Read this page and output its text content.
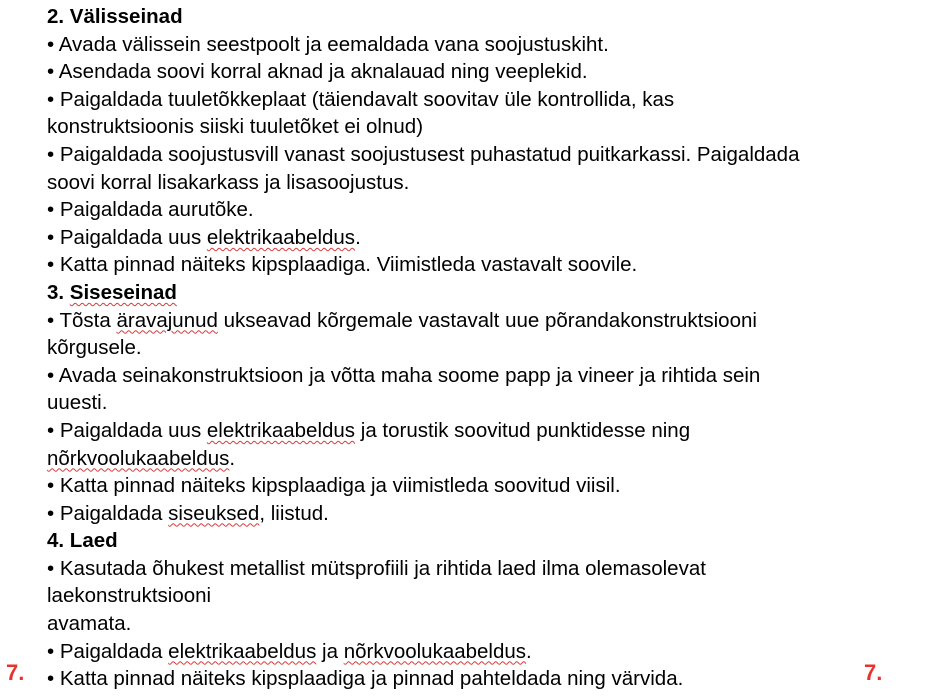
2. Välisseinad
• Avada välissein seestpoolt ja eemaldada vana soojustuskiht.
• Asendada soovi korral aknad ja aknalauad ning veeplekid.
• Paigaldada tuuletõkkeplaat (täiendavalt soovitav üle kontrollida, kas
konstruktsioonis siiski tuuletõket ei olnud)
• Paigaldada soojustusvill vanast soojustusest puhastatud puitkarkassi. Paigaldada
soovi korral lisakarkass ja lisasoojustus.
• Paigaldada aurutõke.
• Paigaldada uus elektrikaabeldus.
• Katta pinnad näiteks kipsplaadiga. Viimistleda vastavalt soovile.
3. Siseseinad
• Tõsta äravajunud ukseavad kõrgemale vastavalt uue põrandakonstruktsiooni
kõrgusele.
• Avada seinakonstruktsioon ja võtta maha soome papp ja vineer ja rihtida sein
uuesti.
• Paigaldada uus elektrikaabeldus ja torustik soovitud punktidesse ning
nõrkvoolukaabeldus.
• Katta pinnad näiteks kipsplaadiga ja viimistleda soovitud viisil.
• Paigaldada siseuksed, liistud.
4. Laed
• Kasutada õhukest metallist mütsprofiili ja rihtida laed ilma olemasolevat
laekonstruktsiooni
avamata.
• Paigaldada elektrikaabeldus ja nõrkvoolukaabeldus.
• Katta pinnad näiteks kipsplaadiga ja pinnad pahteldada ning värvida.
7.	7.
